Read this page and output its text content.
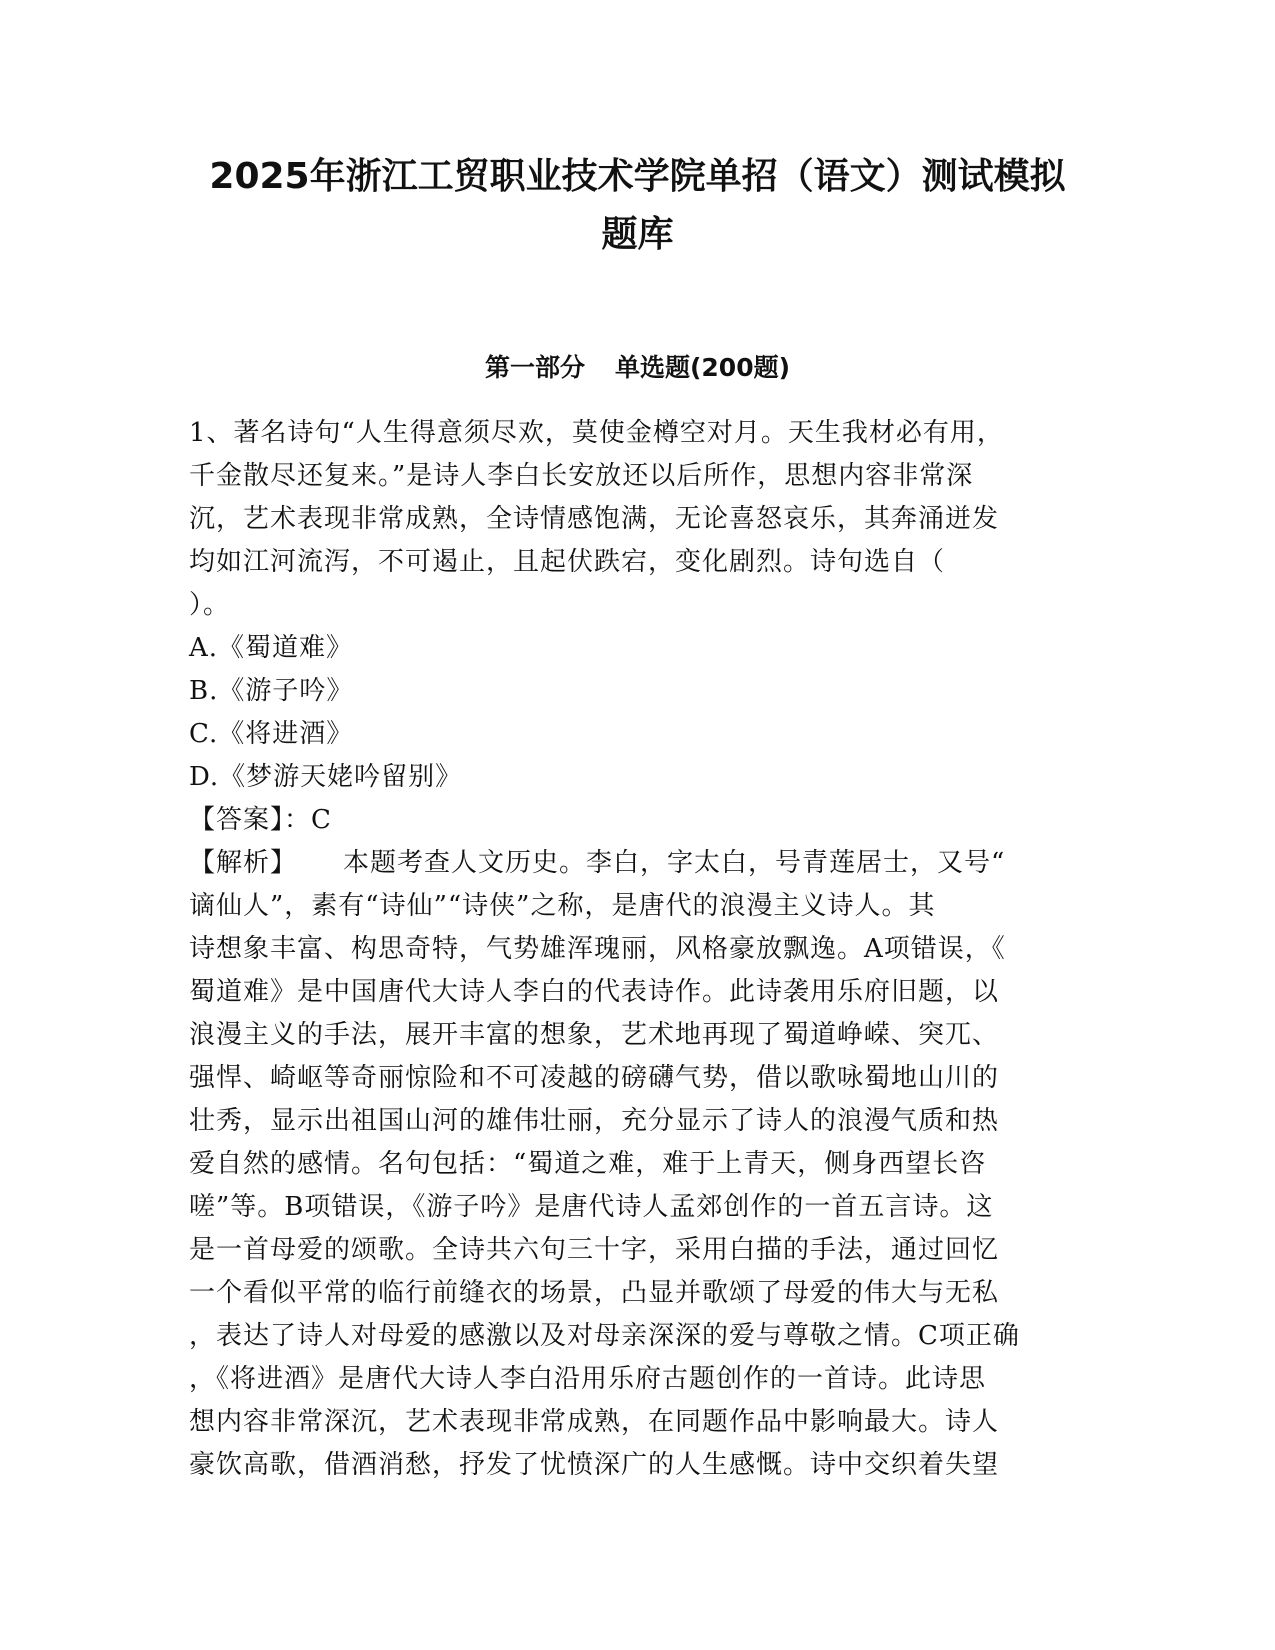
2025年浙江工贸职业技术学院单招（语文）测试模拟
题库
第一部分 单选题(200题)
1、著名诗句“人生得意须尽欢，莫使金樽空对月。天生我材必有用，
千金散尽还复来。”是诗人李白长安放还以后所作，思想内容非常深
沉，艺术表现非常成熟，全诗情感饱满，无论喜怒哀乐，其奔涌迸发
均如江河流泻，不可遏止，且起伏跌宕，变化剧烈。诗句选自（
）。
A.《蜀道难》
B.《游子吟》
C.《将进酒》
D.《梦游天姥吟留别》
【答案】：C
【解析】 本题考查人文历史。李白，字太白，号青莲居士，又号“
谪仙人”，素有“诗仙”“诗侠”之称，是唐代的浪漫主义诗人。其
诗想象丰富、构思奇特，气势雄浑瑰丽，风格豪放飘逸。A项错误，《
蜀道难》是中国唐代大诗人李白的代表诗作。此诗袭用乐府旧题，以
浪漫主义的手法，展开丰富的想象，艺术地再现了蜀道峥嵘、突兀、
强悍、崎岖等奇丽惊险和不可凌越的磅礴气势，借以歌咏蜀地山川的
壮秀，显示出祖国山河的雄伟壮丽，充分显示了诗人的浪漫气质和热
爱自然的感情。名句包括：“蜀道之难，难于上青天，侧身西望长咨
嗟”等。B项错误，《游子吟》是唐代诗人孟郊创作的一首五言诗。这
是一首母爱的颂歌。全诗共六句三十字，采用白描的手法，通过回忆
一个看似平常的临行前缝衣的场景，凸显并歌颂了母爱的伟大与无私
，表达了诗人对母爱的感激以及对母亲深深的爱与尊敬之情。C项正确
，《将进酒》是唐代大诗人李白沿用乐府古题创作的一首诗。此诗思
想内容非常深沉，艺术表现非常成熟，在同题作品中影响最大。诗人
豪饮高歌，借酒消愁，抒发了忧愤深广的人生感慨。诗中交织着失望
